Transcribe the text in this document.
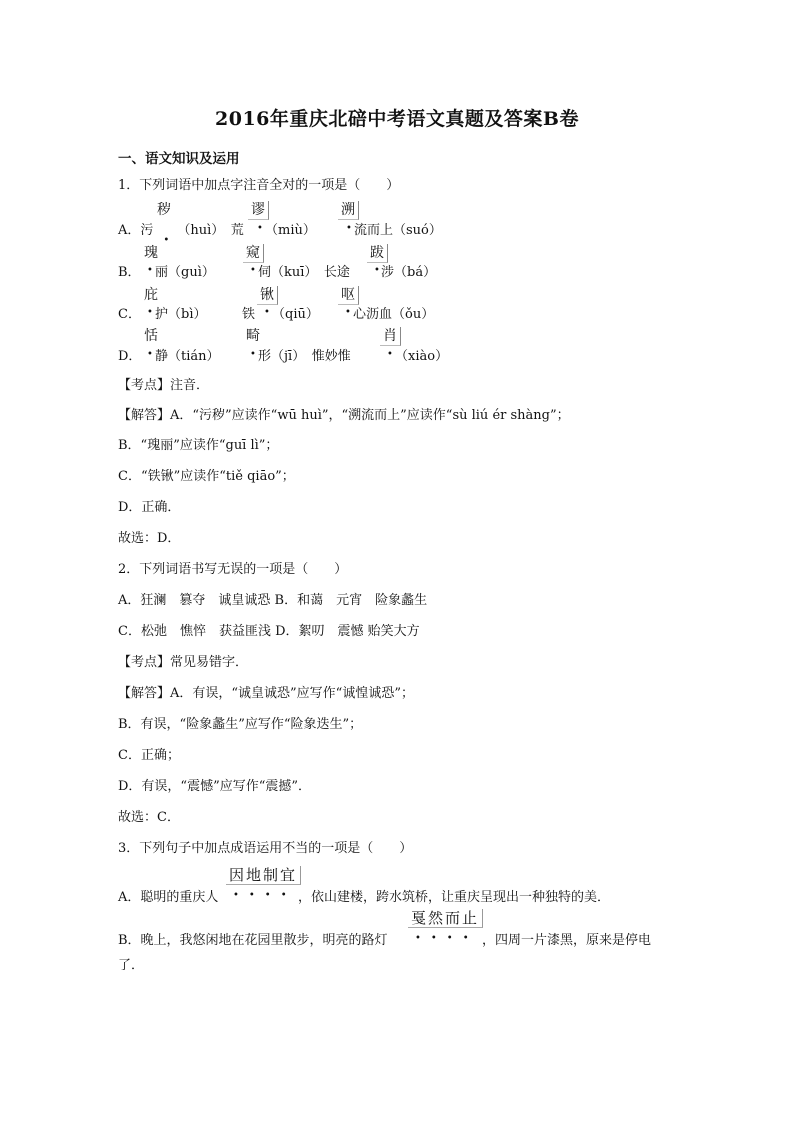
2016年重庆北碚中考语文真题及答案B卷
一、语文知识及运用
1．下列词语中加点字注音全对的一项是（　　）
秽	谬	溯
A．污
•
（huì）　荒 • （miù）	• 流而上（suó）
瑰	窥	跋
B． • 丽（guì）	• 伺（kuī）　长途 • 涉（bá）
庇	锹	呕
C． • 护（bì）	铁 • （qiū）	• 心沥血（ǒu）
恬	畸	肖
D． • 静（tián）	• 形（jī）　惟妙惟	• （xiào）
【考点】注音．
【解答】A．“污秽”应读作“wū huì”，“溯流而上”应读作“sù liú ér shàng”；
B．“瑰丽”应读作“guī lì”；
C．“铁锹”应读作“tiě qiāo”；
D．正确．
故选：D．
2．下列词语书写无误的一项是（　　）
A．狂澜　篡夺　诚皇诚恐 B．和蔼　元宵　险象蠡生
C．松弛　憔悴　获益匪浅 D．絮叨　震憾 贻笑大方
【考点】常见易错字．
【解答】A．有误，“诚皇诚恐”应写作“诚惶诚恐”；
B．有误，“险象蠡生”应写作“险象迭生”；
C．正确；
D．有误，“震憾”应写作“震撼”．
故选：C．
3．下列句子中加点成语运用不当的一项是（　　）
因地制宜
A．聪明的重庆人 •••• ，依山建楼，跨水筑桥，让重庆呈现出一种独特的美．
戛然而止
B．晚上，我悠闲地在花园里散步，明亮的路灯	•••• ，四周一片漆黑，原来是停电
了．
